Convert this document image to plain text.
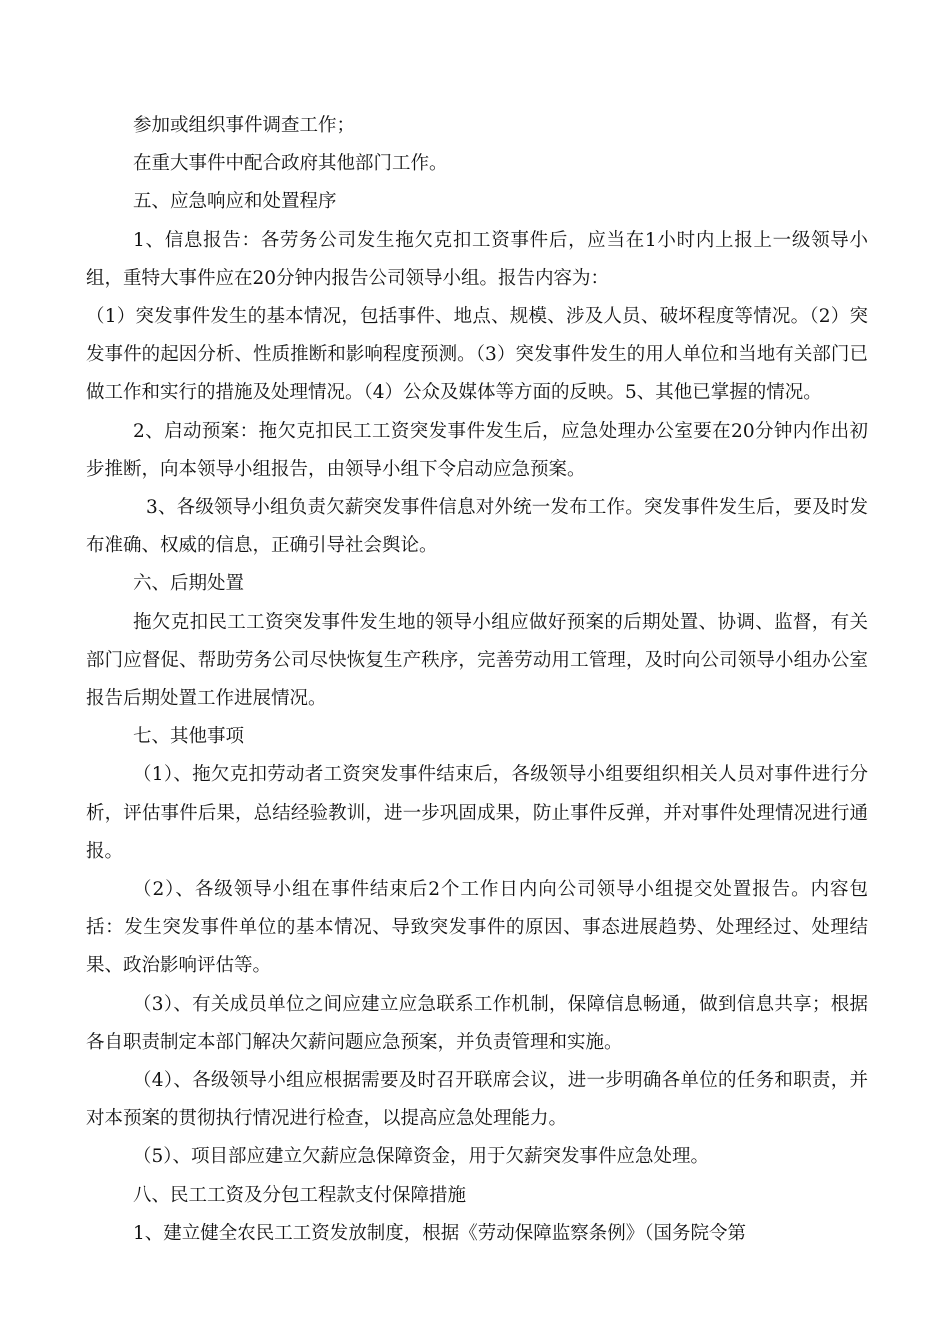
参加或组织事件调查工作；

在重大事件中配合政府其他部门工作。

五、应急响应和处置程序

1、信息报告：各劳务公司发生拖欠克扣工资事件后，应当在1小时内上报上一级领导小组，重特大事件应在20分钟内报告公司领导小组。报告内容为：

（1）突发事件发生的基本情况，包括事件、地点、规模、涉及人员、破坏程度等情况。（2）突发事件的起因分析、性质推断和影响程度预测。（3）突发事件发生的用人单位和当地有关部门已做工作和实行的措施及处理情况。（4）公众及媒体等方面的反映。5、其他已掌握的情况。

2、启动预案：拖欠克扣民工工资突发事件发生后，应急处理办公室要在20分钟内作出初步推断，向本领导小组报告，由领导小组下令启动应急预案。

3、各级领导小组负责欠薪突发事件信息对外统一发布工作。突发事件发生后，要及时发布准确、权威的信息，正确引导社会舆论。

六、后期处置

拖欠克扣民工工资突发事件发生地的领导小组应做好预案的后期处置、协调、监督，有关部门应督促、帮助劳务公司尽快恢复生产秩序，完善劳动用工管理，及时向公司领导小组办公室报告后期处置工作进展情况。

七、其他事项

（1）、拖欠克扣劳动者工资突发事件结束后，各级领导小组要组织相关人员对事件进行分析，评估事件后果，总结经验教训，进一步巩固成果，防止事件反弹，并对事件处理情况进行通报。

（2）、各级领导小组在事件结束后2个工作日内向公司领导小组提交处置报告。内容包括：发生突发事件单位的基本情况、导致突发事件的原因、事态进展趋势、处理经过、处理结果、政治影响评估等。

（3）、有关成员单位之间应建立应急联系工作机制，保障信息畅通，做到信息共享；根据各自职责制定本部门解决欠薪问题应急预案，并负责管理和实施。

（4）、各级领导小组应根据需要及时召开联席会议，进一步明确各单位的任务和职责，并对本预案的贯彻执行情况进行检查，以提高应急处理能力。

（5）、项目部应建立欠薪应急保障资金，用于欠薪突发事件应急处理。

八、民工工资及分包工程款支付保障措施

1、建立健全农民工工资发放制度，根据《劳动保障监察条例》（国务院令第
